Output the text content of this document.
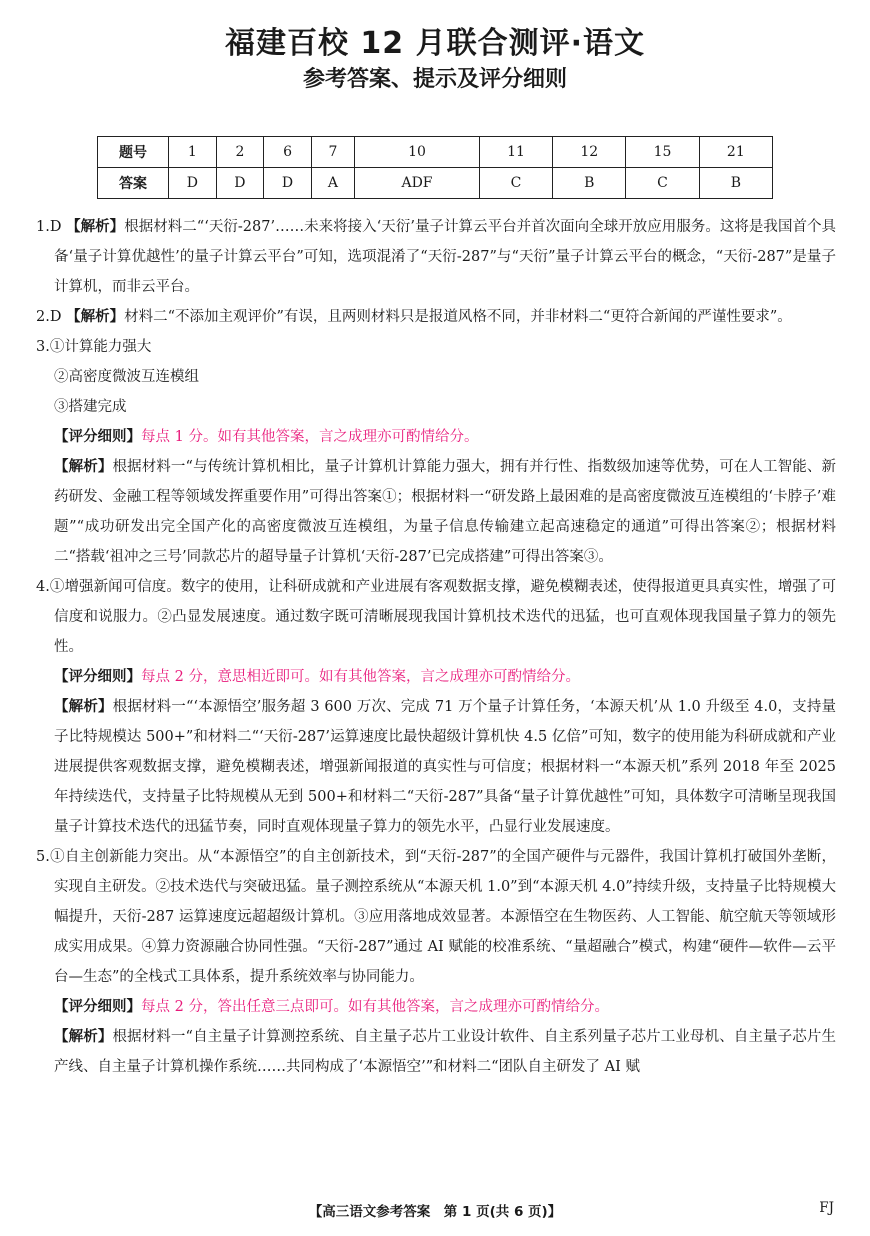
福建百校 12 月联合测评·语文
参考答案、提示及评分细则
题号	1	2	6	7	10	11	12	15	21
答案	D	D	D	A	ADF	C	B	C	B

1.D 【解析】根据材料二“‘天衍-287’……未来将接入‘天衍’量子计算云平台并首次面向全球开放应用服务。这将是我国首个具备‘量子计算优越性’的量子计算云平台”可知，选项混淆了“天衍-287”与“天衍”量子计算云平台的概念，“天衍-287”是量子计算机，而非云平台。

2.D 【解析】材料二“不添加主观评价”有误，且两则材料只是报道风格不同，并非材料二“更符合新闻的严谨性要求”。

3.①计算能力强大

②高密度微波互连模组

③搭建完成

【评分细则】每点 1 分。如有其他答案，言之成理亦可酌情给分。

【解析】根据材料一“与传统计算机相比，量子计算机计算能力强大，拥有并行性、指数级加速等优势，可在人工智能、新药研发、金融工程等领域发挥重要作用”可得出答案①；根据材料一“研发路上最困难的是高密度微波互连模组的‘卡脖子’难题”“成功研发出完全国产化的高密度微波互连模组，为量子信息传输建立起高速稳定的通道”可得出答案②；根据材料二“搭载‘祖冲之三号’同款芯片的超导量子计算机‘天衍-287’已完成搭建”可得出答案③。

4.①增强新闻可信度。数字的使用，让科研成就和产业进展有客观数据支撑，避免模糊表述，使得报道更具真实性，增强了可信度和说服力。②凸显发展速度。通过数字既可清晰展现我国计算机技术迭代的迅猛，也可直观体现我国量子算力的领先性。

【评分细则】每点 2 分，意思相近即可。如有其他答案，言之成理亦可酌情给分。

【解析】根据材料一“‘本源悟空’服务超 3 600 万次、完成 71 万个量子计算任务，‘本源天机’从 1.0 升级至 4.0，支持量子比特规模达 500+”和材料二“‘天衍-287’运算速度比最快超级计算机快 4.5 亿倍”可知，数字的使用能为科研成就和产业进展提供客观数据支撑，避免模糊表述，增强新闻报道的真实性与可信度；根据材料一“本源天机”系列 2018 年至 2025 年持续迭代，支持量子比特规模从无到 500+和材料二“天衍-287”具备“量子计算优越性”可知，具体数字可清晰呈现我国量子计算技术迭代的迅猛节奏，同时直观体现量子算力的领先水平，凸显行业发展速度。

5.①自主创新能力突出。从“本源悟空”的自主创新技术，到“天衍-287”的全国产硬件与元器件，我国计算机打破国外垄断，实现自主研发。②技术迭代与突破迅猛。量子测控系统从“本源天机 1.0”到“本源天机 4.0”持续升级，支持量子比特规模大幅提升，天衍-287 运算速度远超超级计算机。③应用落地成效显著。本源悟空在生物医药、人工智能、航空航天等领域形成实用成果。④算力资源融合协同性强。“天衍-287”通过 AI 赋能的校准系统、“量超融合”模式，构建“硬件—软件—云平台—生态”的全栈式工具体系，提升系统效率与协同能力。

【评分细则】每点 2 分，答出任意三点即可。如有其他答案，言之成理亦可酌情给分。

【解析】根据材料一“自主量子计算测控系统、自主量子芯片工业设计软件、自主系列量子芯片工业母机、自主量子芯片生产线、自主量子计算机操作系统……共同构成了‘本源悟空’”和材料二“团队自主研发了 AI 赋

【高三语文参考答案　第 1 页(共 6 页)】	FJ
